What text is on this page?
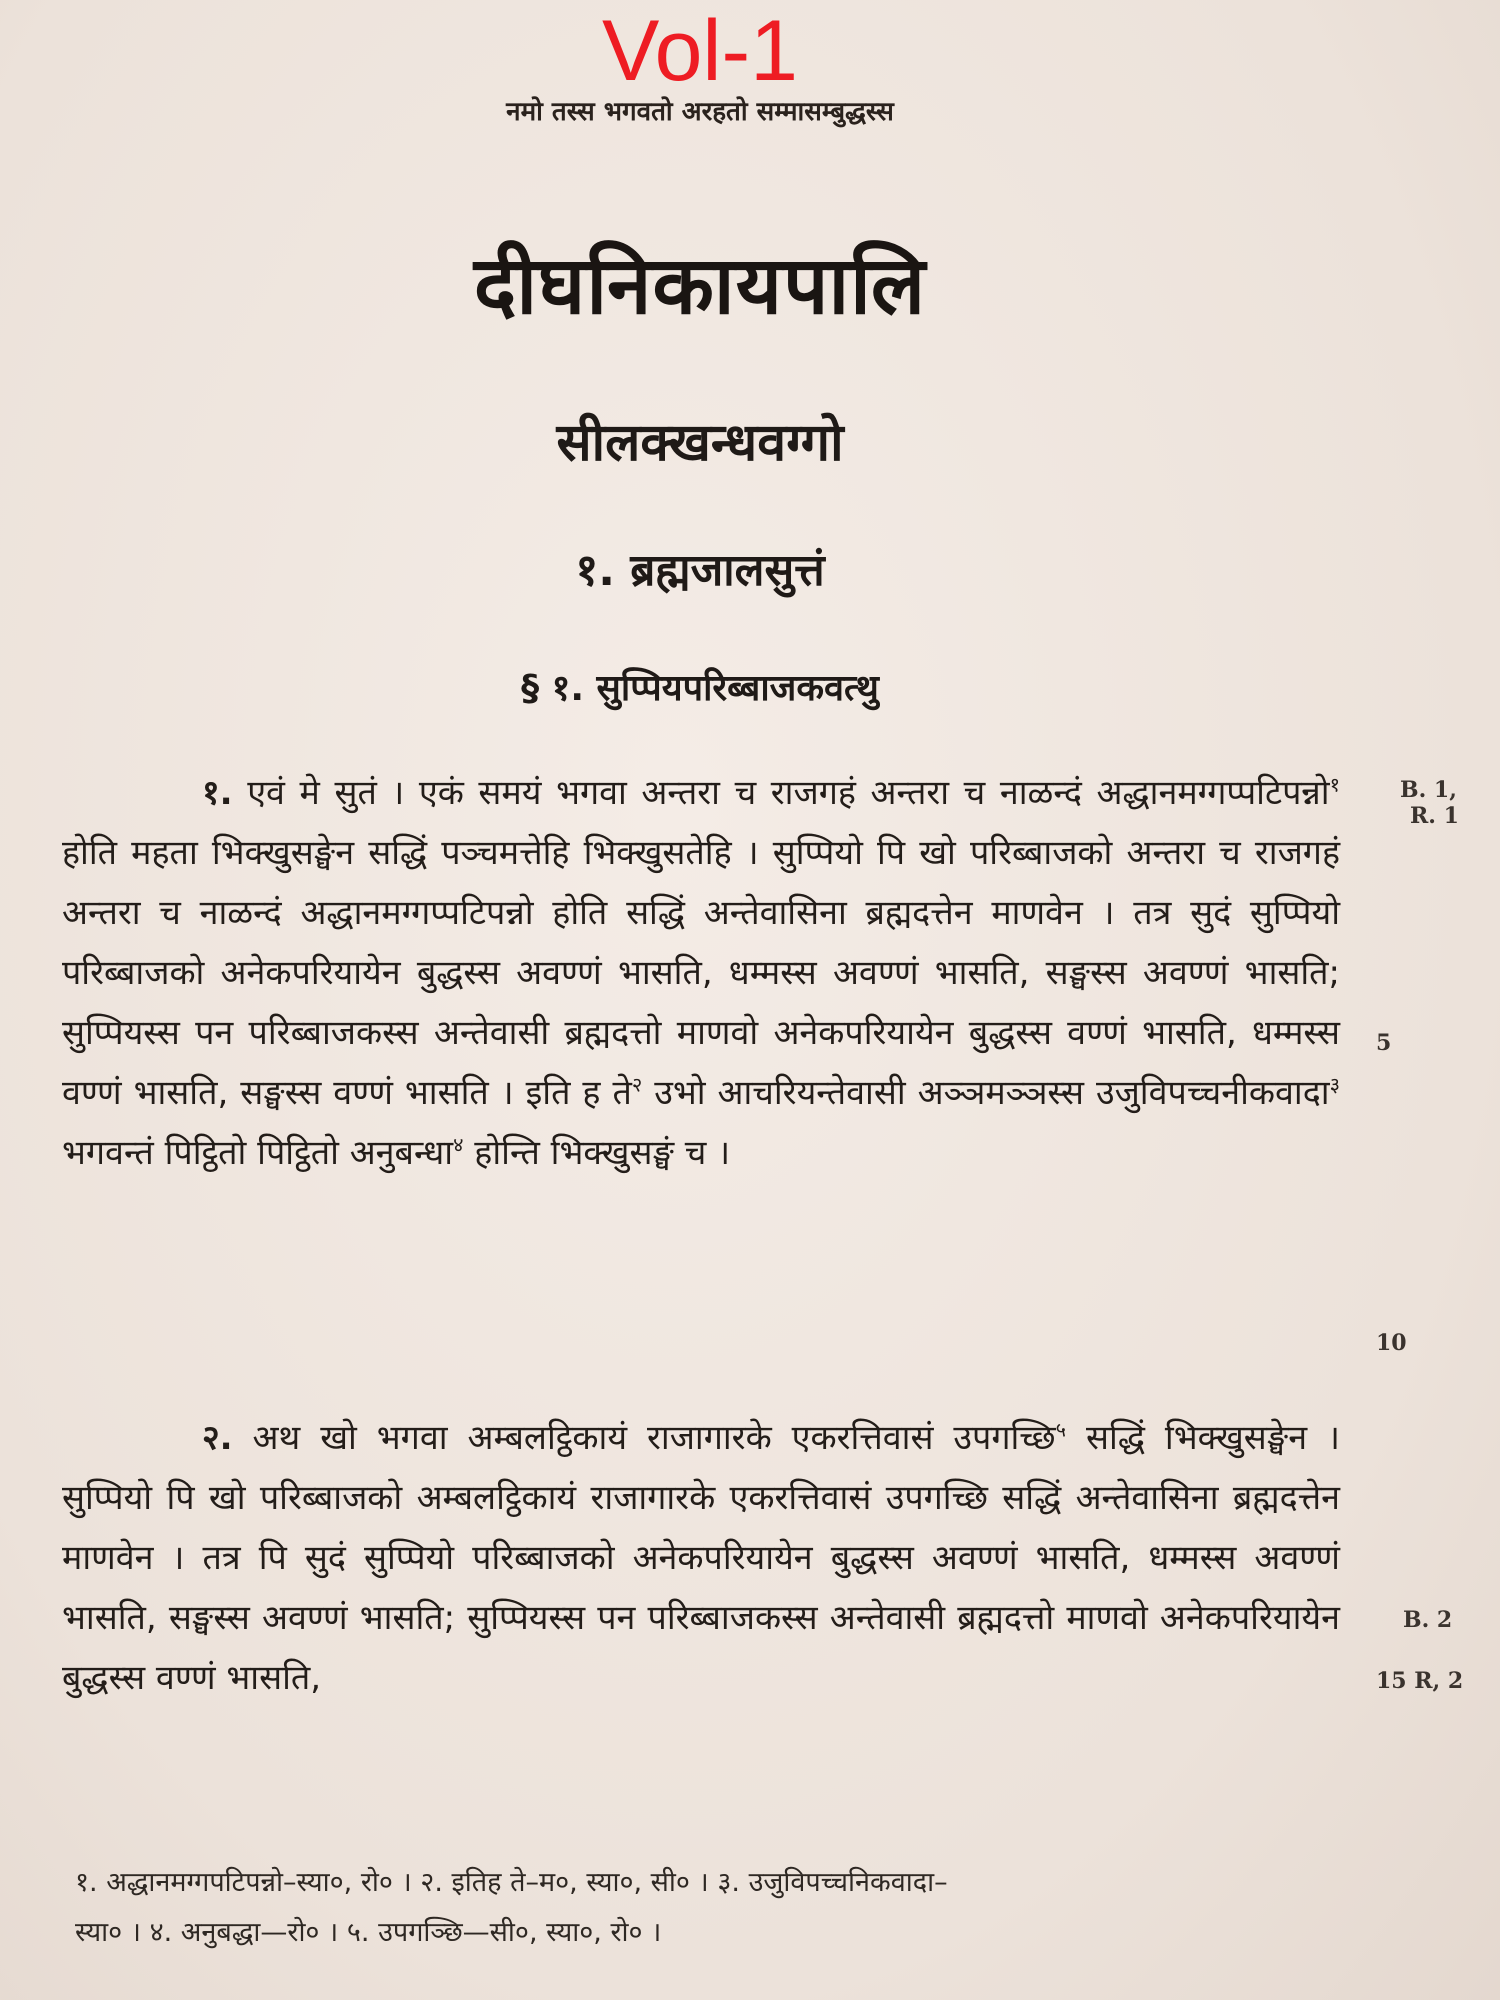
Vol-1
नमो तस्स भगवतो अरहतो सम्मासम्बुद्धस्स
दीघनिकायपालि
सीलक्खन्धवग्गो
१. ब्रह्मजालसुत्तं
§ १. सुप्पियपरिब्बाजकवत्थु
१. एवं मे सुतं । एकं समयं भगवा अन्तरा च राजगहं अन्तरा च नाळन्दं अद्धानमग्गप्पटिपन्नो$^१$ होति महता भिक्खुसङ्घेन सद्धिं पञ्चमत्तेहि भिक्खुसतेहि । सुप्पियो पि खो परिब्बाजको अन्तरा च राजगहं अन्तरा च नाळन्दं अद्धानमग्गप्पटिपन्नो होति सद्धिं अन्तेवासिना ब्रह्मदत्तेन माणवेन । तत्र सुदं सुप्पियो परिब्बाजको अनेकपरियायेन बुद्धस्स अवण्णं भासति, धम्मस्स अवण्णं भासति, सङ्घस्स अवण्णं भासति; सुप्पियस्स पन परिब्बाजकस्स अन्तेवासी ब्रह्मदत्तो माणवो अनेकपरियायेन बुद्धस्स वण्णं भासति, धम्मस्स वण्णं भासति, सङ्घस्स वण्णं भासति । इति ह ते$^२$ उभो आचरियन्तेवासी अञ्ञमञ्ञस्स उजुविपच्चनीकवादा$^३$ भगवन्तं पिट्ठितो पिट्ठितो अनुबन्धा$^४$ होन्ति भिक्खुसङ्घं च ।
२. अथ खो भगवा अम्बलट्ठिकायं राजागारके एकरत्तिवासं उपगच्छि$^५$ सद्धिं भिक्खुसङ्घेन । सुप्पियो पि खो परिब्बाजको अम्बलट्ठिकायं राजागारके एकरत्तिवासं उपगच्छि सद्धिं अन्तेवासिना ब्रह्मदत्तेन माणवेन । तत्र पि सुदं सुप्पियो परिब्बाजको अनेकपरियायेन बुद्धस्स अवण्णं भासति, धम्मस्स अवण्णं भासति, सङ्घस्स अवण्णं भासति; सुप्पियस्स पन परिब्बाजकस्स अन्तेवासी ब्रह्मदत्तो माणवो अनेकपरियायेन बुद्धस्स वण्णं भासति,
B. 1,
R. 1
5
10
B. 2
15 R, 2
१. अद्धानमग्गपटिपन्नो–स्या०, रो० । २. इतिह ते–म०, स्या०, सी० । ३. उजुविपच्चनिकवादा–
स्या० । ४. अनुबद्धा—रो० । ५. उपगञ्छि—सी०, स्या०, रो० ।
